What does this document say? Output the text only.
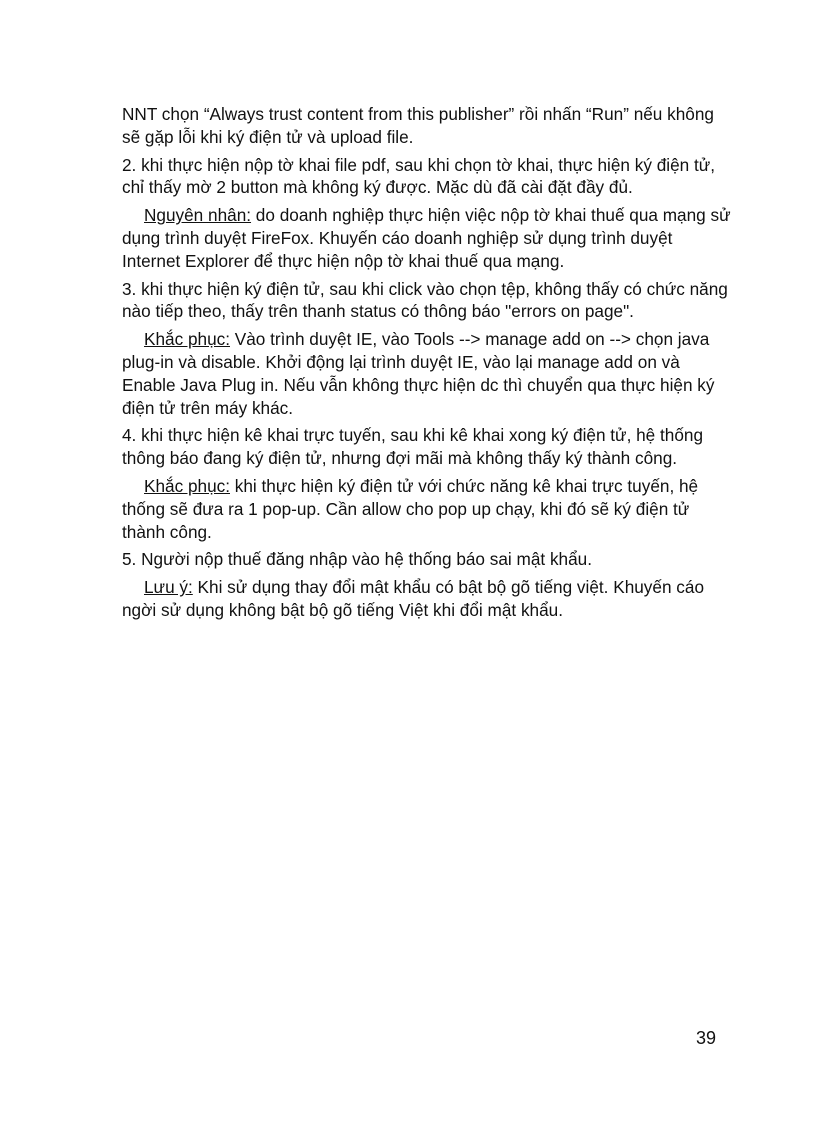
NNT chọn “Always trust content from this publisher” rồi nhấn “Run” nếu không sẽ gặp lỗi khi ký điện tử và upload file.

2. khi thực hiện nộp tờ khai file pdf, sau khi chọn tờ khai, thực hiện ký điện tử, chỉ thấy mờ 2 button mà không ký được. Mặc dù đã cài đặt đầy đủ.

Nguyên nhân: do doanh nghiệp thực hiện việc nộp tờ khai thuế qua mạng sử dụng trình duyệt FireFox. Khuyến cáo doanh nghiệp sử dụng trình duyệt Internet Explorer để thực hiện nộp tờ khai thuế qua mạng.

3. khi thực hiện ký điện tử, sau khi click vào chọn tệp, không thấy có chức năng nào tiếp theo, thấy trên thanh status có thông báo "errors on page".

Khắc phục: Vào trình duyệt IE, vào Tools --> manage add on --> chọn java plug-in và disable. Khởi động lại trình duyệt IE, vào lại manage add on và Enable Java Plug in. Nếu vẫn không thực hiện dc thì chuyển qua thực hiện ký điện tử trên máy khác.

4. khi thực hiện kê khai trực tuyến, sau khi kê khai xong ký điện tử, hệ thống thông báo đang ký điện tử, nhưng đợi mãi mà không thấy ký thành công.

Khắc phục: khi thực hiện ký điện tử với chức năng kê khai trực tuyến, hệ thống sẽ đưa ra 1 pop-up. Cần allow cho pop up chạy, khi đó sẽ ký điện tử thành công.

5. Người nộp thuế đăng nhập vào hệ thống báo sai mật khẩu.

Lưu ý: Khi sử dụng thay đổi mật khẩu có bật bộ gõ tiếng việt. Khuyến cáo ngời sử dụng không bật bộ gõ tiếng Việt khi đổi mật khẩu.

39
